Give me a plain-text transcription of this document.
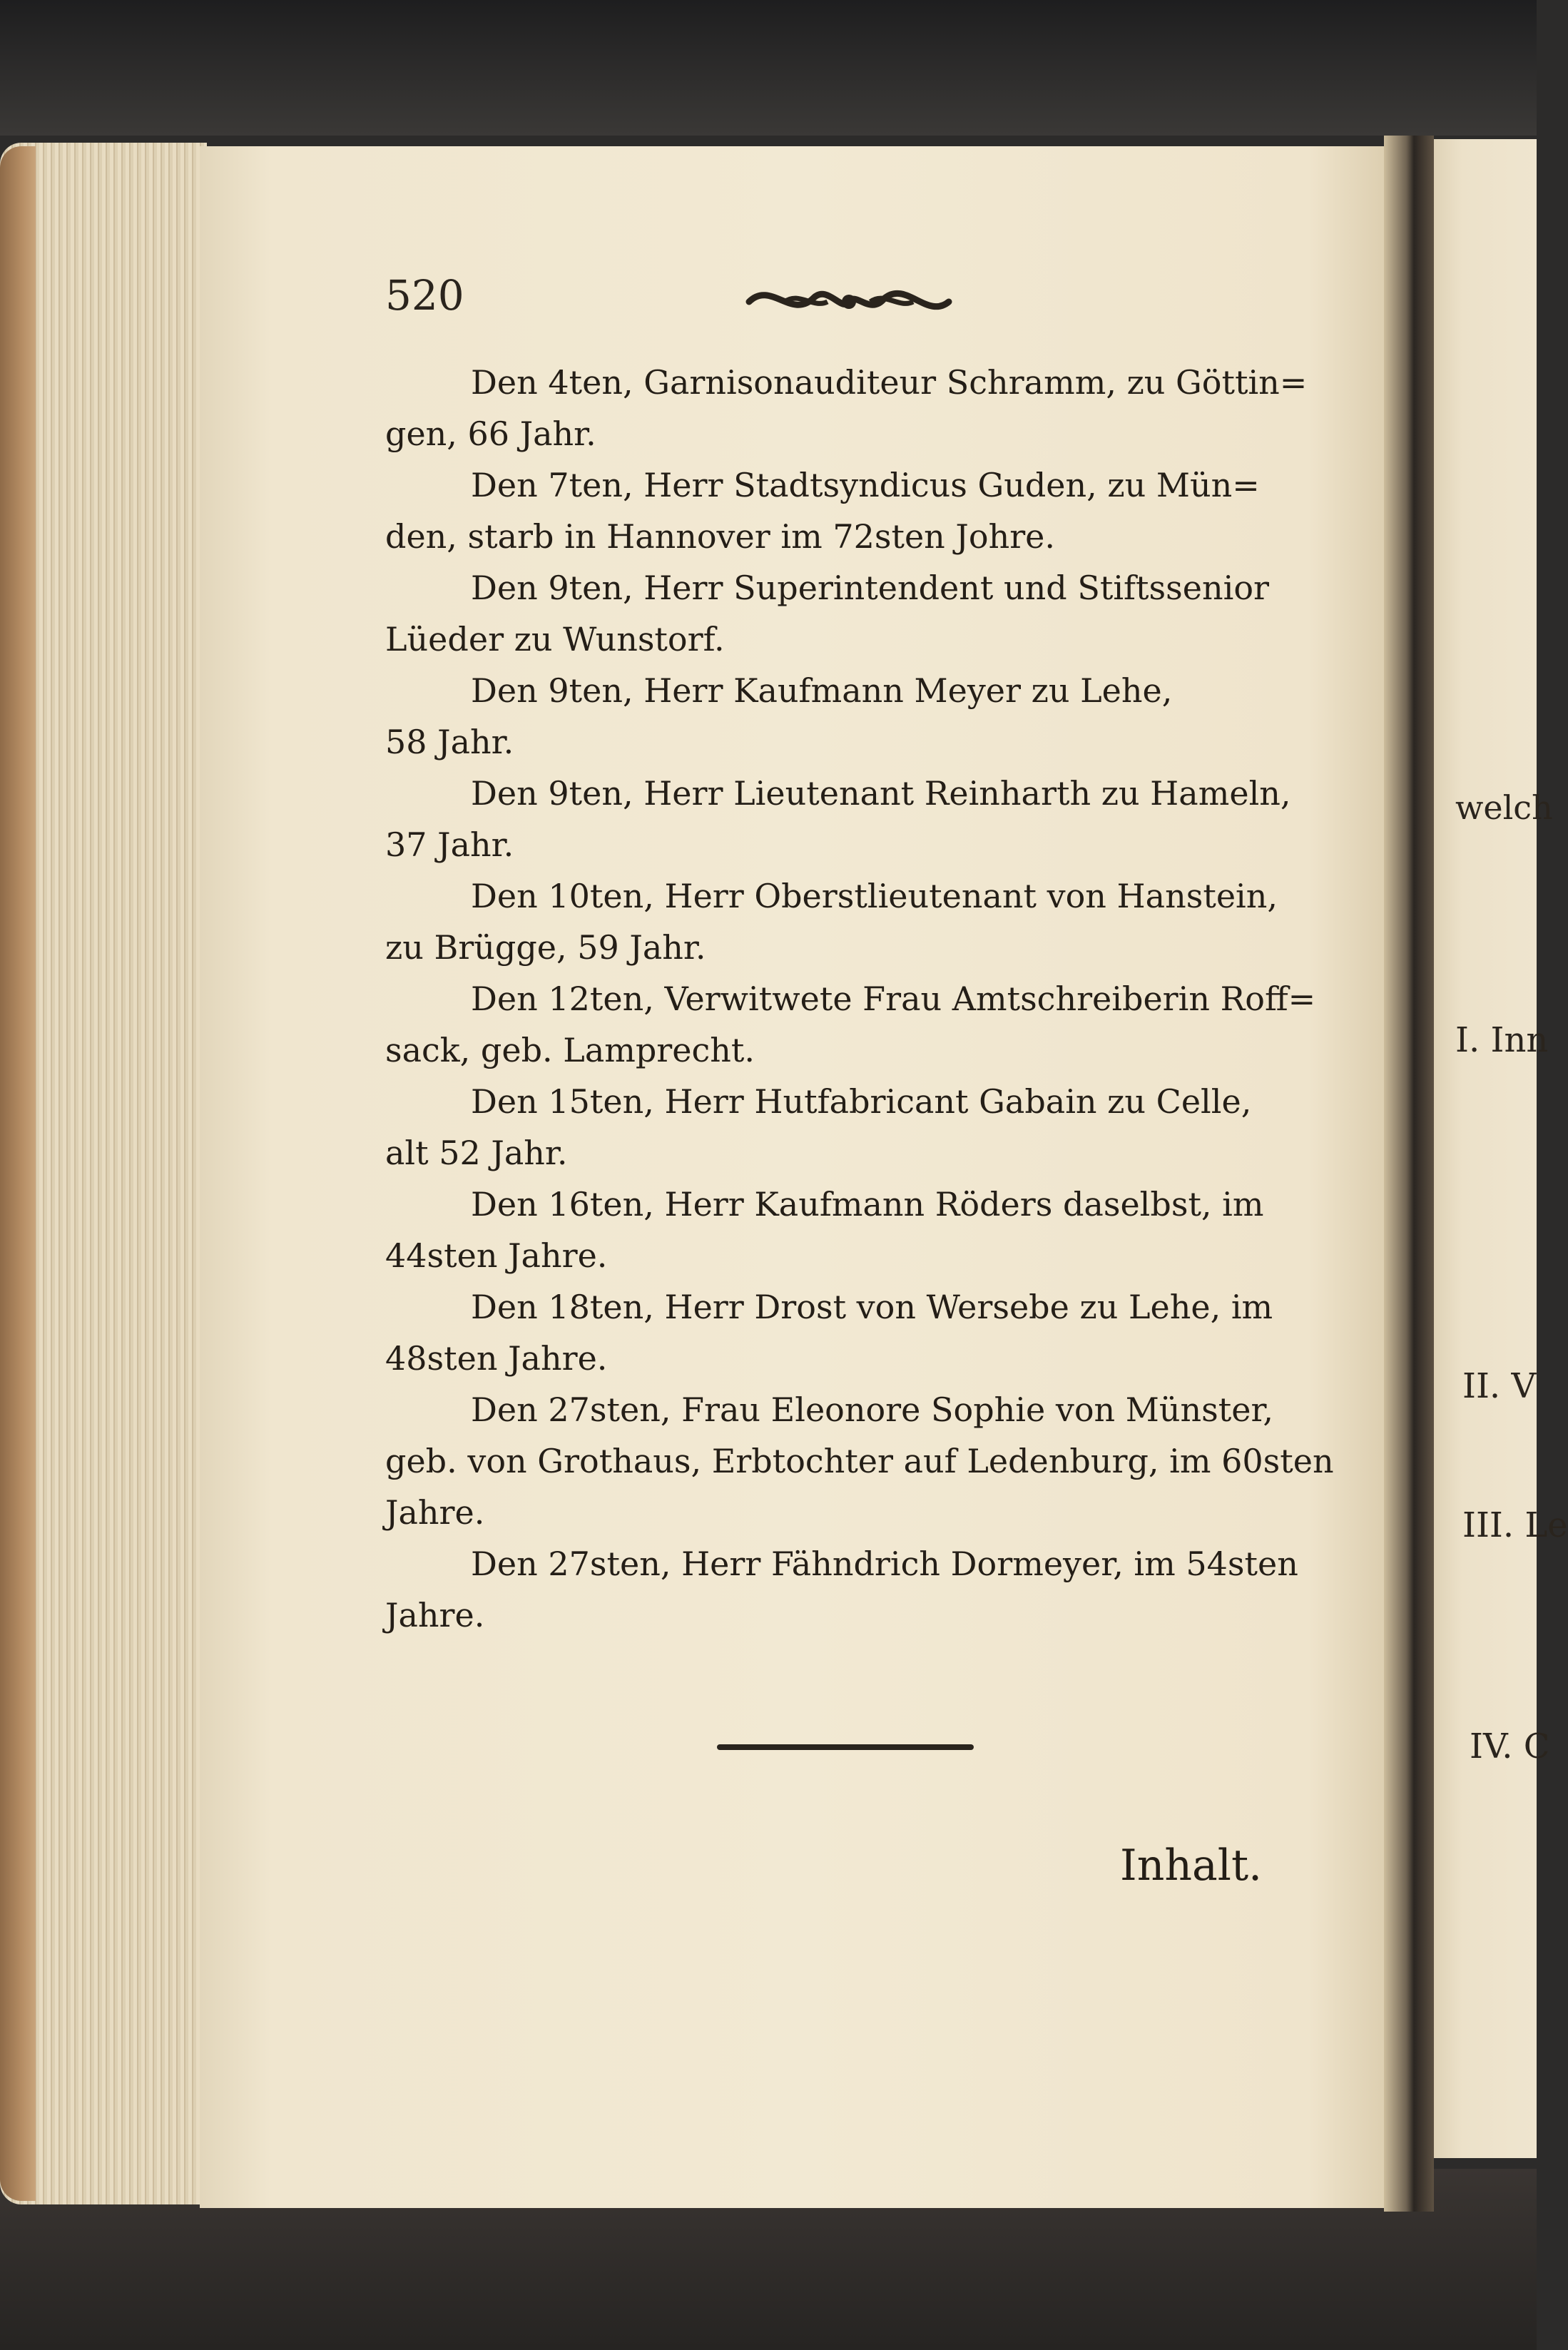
520
Den 4ten, Garnisonauditeur Schramm, zu Göttin=
gen, 66 Jahr.
Den 7ten, Herr Stadtsyndicus Guden, zu Mün=
den, starb in Hannover im 72sten Johre.
Den 9ten, Herr Superintendent und Stiftssenior
Lüeder zu Wunstorf.
Den 9ten, Herr Kaufmann Meyer zu Lehe,
58 Jahr.
Den 9ten, Herr Lieutenant Reinharth zu Hameln,
37 Jahr.
Den 10ten, Herr Oberstlieutenant von Hanstein,
zu Brügge, 59 Jahr.
Den 12ten, Verwitwete Frau Amtschreiberin Roff=
sack, geb. Lamprecht.
Den 15ten, Herr Hutfabricant Gabain zu Celle,
alt 52 Jahr.
Den 16ten, Herr Kaufmann Röders daselbst, im
44sten Jahre.
Den 18ten, Herr Drost von Wersebe zu Lehe, im
48sten Jahre.
Den 27sten, Frau Eleonore Sophie von Münster,
geb. von Grothaus, Erbtochter auf Ledenburg, im 60sten
Jahre.
Den 27sten, Herr Fähndrich Dormeyer, im 54sten
Jahre.
Inhalt.
welch
I. Inn
II. V
III. Le
IV. C
